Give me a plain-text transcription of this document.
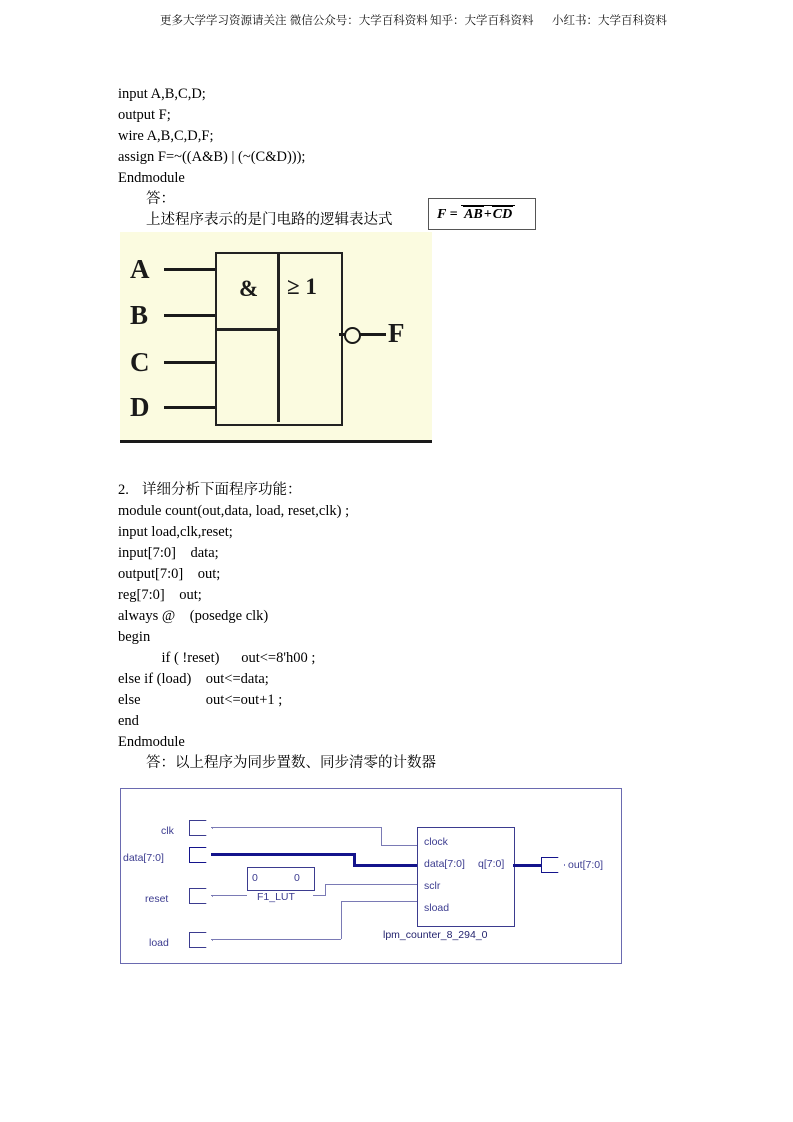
更多大学学习资源请关注 微信公众号：大学百科资料 知乎：大学百科资料 小红书：大学百科资料
input A,B,C,D;
output F;
wire A,B,C,D,F;
assign F=~((A&B) | (~(C&D)));
Endmodule
答：
上述程序表示的是门电路的逻辑表达式	F = AB+CD
& ≥ 1
A
B
C
D
F
2. 详细分析下面程序功能：
module count(out,data, load, reset,clk) ;
input load,clk,reset;
input[7:0]    data;
output[7:0]    out;
reg[7:0]    out;
always @    (posedge clk)
begin
if ( !reset)      out<=8'h00 ;
else if (load)    out<=data;
else                  out<=out+1 ;
end
Endmodule
答：以上程序为同步置数、同步清零的计数器
clk
data[7:0]
reset
load
0	0
F1_LUT
clock
data[7:0]
sclr
sload
q[7:0]
lpm_counter_8_294_0
out[7:0]
